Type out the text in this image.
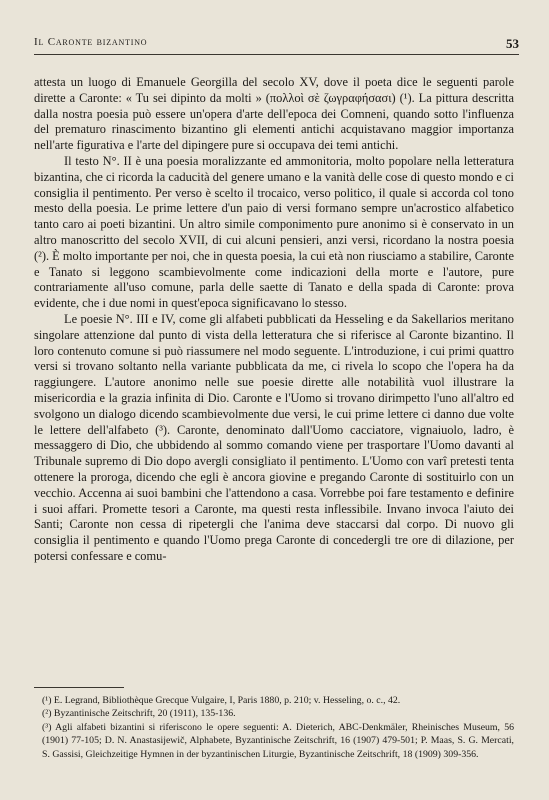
Il Caronte bizantino	53

attesta un luogo di Emanuele Georgilla del secolo XV, dove il poeta dice le seguenti parole dirette a Caronte: « Tu sei dipinto da molti » (πολλοὶ σὲ ζωγραφήσασι) (¹). La pittura descritta dalla nostra poesia può essere un'opera d'arte dell'epoca dei Comneni, quando sotto l'influenza del prematuro rinascimento bizantino gli elementi antichi acquistavano maggior importanza nell'arte figurativa e l'arte del dipingere pure si occupava dei temi antichi.

Il testo N°. II è una poesia moralizzante ed ammonitoria, molto popolare nella letteratura bizantina, che ci ricorda la caducità del genere umano e la vanità delle cose di questo mondo e ci consiglia il pentimento. Per verso è scelto il trocaico, verso politico, il quale si accorda col tono mesto della poesia. Le prime lettere d'un paio di versi formano sempre un'acrostico alfabetico tanto caro ai poeti bizantini. Un altro simile componimento pure anonimo si è conservato in un altro manoscritto del secolo XVII, di cui alcuni pensieri, anzi versi, ricordano la nostra poesia (²). È molto importante per noi, che in questa poesia, la cui età non riusciamo a stabilire, Caronte e Tanato si leggono scambievolmente come indicazioni della morte e l'autore, pure contrariamente all'uso comune, parla delle saette di Tanato e della spada di Caronte: prova evidente, che i due nomi in quest'epoca significavano lo stesso.

Le poesie N°. III e IV, come gli alfabeti pubblicati da Hesseling e da Sakellarios meritano singolare attenzione dal punto di vista della letteratura che si riferisce al Caronte bizantino. Il loro contenuto comune si può riassumere nel modo seguente. L'introduzione, i cui primi quattro versi si trovano soltanto nella variante pubblicata da me, ci rivela lo scopo che l'opera ha da raggiungere. L'autore anonimo nelle sue poesie dirette alle notabilità vuol illustrare la misericordia e la grazia infinita di Dio. Caronte e l'Uomo si trovano dirimpetto l'uno all'altro ed svolgono un dialogo dicendo scambievolmente due versi, le cui prime lettere ci danno due volte le lettere dell'alfabeto (³). Caronte, denominato dall'Uomo cacciatore, vignaiuolo, ladro, è messaggero di Dio, che ubbidendo al sommo comando viene per trasportare l'Uomo davanti al Tribunale supremo di Dio dopo avergli consigliato il pentimento. L'Uomo con varî pretesti tenta ottenere la proroga, dicendo che egli è ancora giovine e pregando Caronte di sostituirlo con un vecchio. Accenna ai suoi bambini che l'attendono a casa. Vorrebbe poi fare testamento e definire i suoi affari. Promette tesori a Caronte, ma questi resta inflessibile. Invano invoca l'aiuto dei Santi; Caronte non cessa di ripetergli che l'anima deve staccarsi dal corpo. Di nuovo gli consiglia il pentimento e quando l'Uomo prega Caronte di concedergli tre ore di dilazione, per potersi confessare e comu-

(¹) E. Legrand, Bibliothèque Grecque Vulgaire, I, Paris 1880, p. 210; v. Hesseling, o. c., 42.

(²) Byzantinische Zeitschrift, 20 (1911), 135-136.

(³) Agli alfabeti bizantini si riferiscono le opere seguenti: A. Dieterich, ABC-Denkmäler, Rheinisches Museum, 56 (1901) 77-105; D. N. Anastasijewič, Alphabete, Byzantinische Zeitschrift, 16 (1907) 479-501; P. Maas, S. G. Mercati, S. Gassisi, Gleichzeitige Hymnen in der byzantinischen Liturgie, Byzantinische Zeitschrift, 18 (1909) 309-356.
